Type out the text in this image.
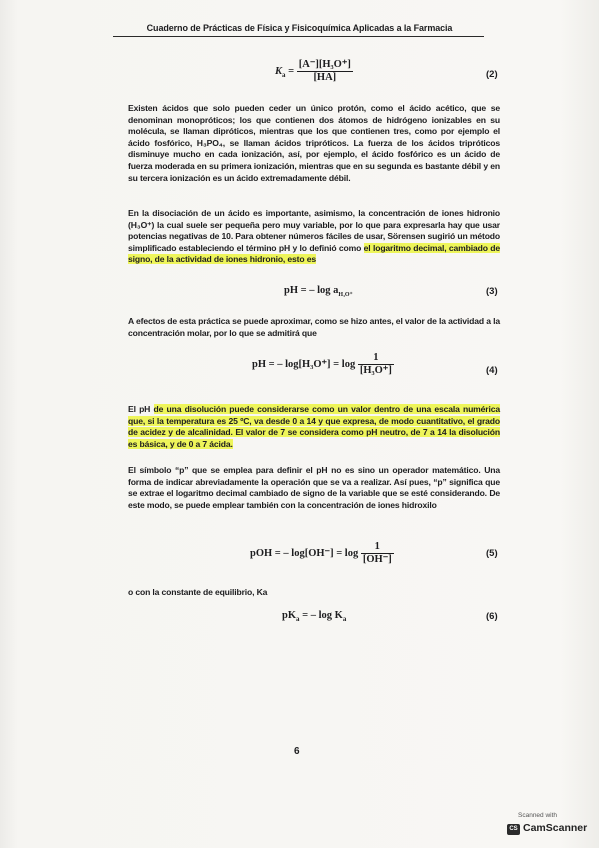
Cuaderno de Prácticas de Física y Fisicoquímica Aplicadas a la Farmacia
$K_a = \frac{\text{[A⁻][H₃O⁺]}}{[HA]}$	(2)
Existen ácidos que solo pueden ceder un único protón, como el ácido acético, que se denominan monopróticos; los que contienen dos átomos de hidrógeno ionizables en su molécula, se llaman dipróticos, mientras que los que contienen tres, como por ejemplo el ácido fosfórico, H₃PO₄, se llaman ácidos tripróticos. La fuerza de los ácidos tripróticos disminuye mucho en cada ionización, así, por ejemplo, el ácido fosfórico es un ácido de fuerza moderada en su primera ionización, mientras que en su segunda es bastante débil y en su tercera ionización es un ácido extremadamente débil.
En la disociación de un ácido es importante, asimismo, la concentración de iones hidronio (H₃O⁺) la cual suele ser pequeña pero muy variable, por lo que para expresarla hay que usar potencias negativas de 10. Para obtener números fáciles de usar, Sörensen sugirió un método simplificado estableciendo el término pH y lo definió como el logaritmo decimal, cambiado de signo, de la actividad de iones hidronio, esto es
pH = – $\log a_{H_3O^+}$	(3)
A efectos de esta práctica se puede aproximar, como se hizo antes, el valor de la actividad a la concentración molar, por lo que se admitirá que
pH = – $\log[H_3O^+] = \log \frac{1}{\text{[H₃O⁺]}}$	(4)
El pH de una disolución puede considerarse como un valor dentro de una escala numérica que, si la temperatura es 25 ºC, va desde 0 a 14 y que expresa, de modo cuantitativo, el grado de acidez y de alcalinidad. El valor de 7 se considera como pH neutro, de 7 a 14 la disolución es básica, y de 0 a 7 ácida.
El símbolo “p” que se emplea para definir el pH no es sino un operador matemático. Una forma de indicar abreviadamente la operación que se va a realizar. Así pues, “p” significa que se extrae el logaritmo decimal cambiado de signo de la variable que se esté considerando. De este modo, se puede emplear también con la concentración de iones hidroxilo
pOH = – $\log[OH^-] = \log \frac{1}{[OH^-]}$	(5)
o con la constante de equilibrio, Ka
$pK_a$ = – $\log K_a$	(6)
6
Scanned with
CS CamScanner
